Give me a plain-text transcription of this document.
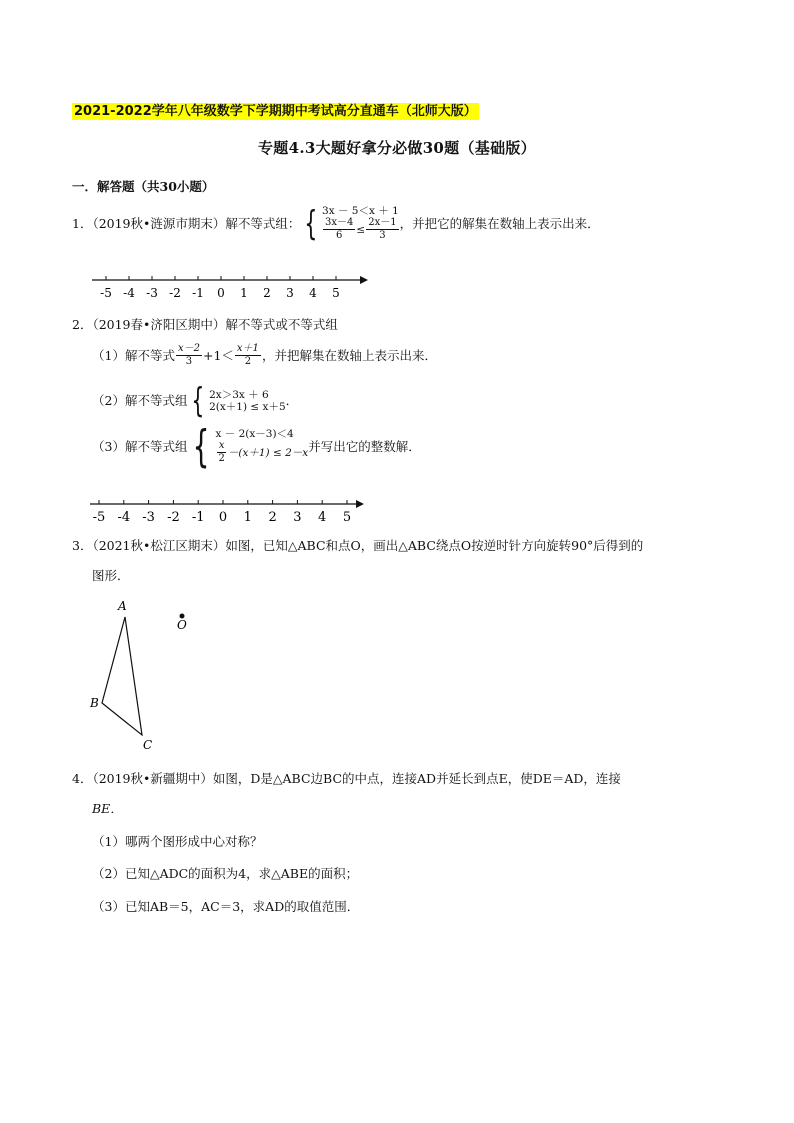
2021-2022学年八年级数学下学期期中考试高分直通车（北师大版）
专题4.3大题好拿分必做30题（基础版）
一．解答题（共30小题）
1．（2019秋•涟源市期末）解不等式组： { 3x － 5＜x ＋ 1
$\frac{3x-4}{6} \le \frac{2x-1}{3}$ ，并把它的解集在数轴上表示出来．
-5 -4 -3 -2 -1 0 1 2 3 4 5
2．（2019春•济阳区期中）解不等式或不等式组
（1）解不等式 $\frac{x-2}{3} +1< \frac{x+1}{2}$ ，并把解集在数轴上表示出来．
（2）解不等式组 { 2x＞3x ＋ 6
2(x＋1) ≤ x＋5 ．
（3）解不等式组 { x － 2(x－3)＜4
$\frac{x}{2} -(x+1) \le 2-x$ 并写出它的整数解．
-5 -4 -3 -2 -1 0 1 2 3 4 5
3．（2021秋•松江区期末）如图，已知△ABC和点O，画出△ABC绕点O按逆时针方向旋转90°后得到的
图形．
A
B
C
O
4．（2019秋•新疆期中）如图，D是△ABC边BC的中点，连接AD并延长到点E，使DE＝AD，连接
BE．
（1）哪两个图形成中心对称？
（2）已知△ADC的面积为4，求△ABE的面积；
（3）已知AB＝5，AC＝3，求AD的取值范围．
